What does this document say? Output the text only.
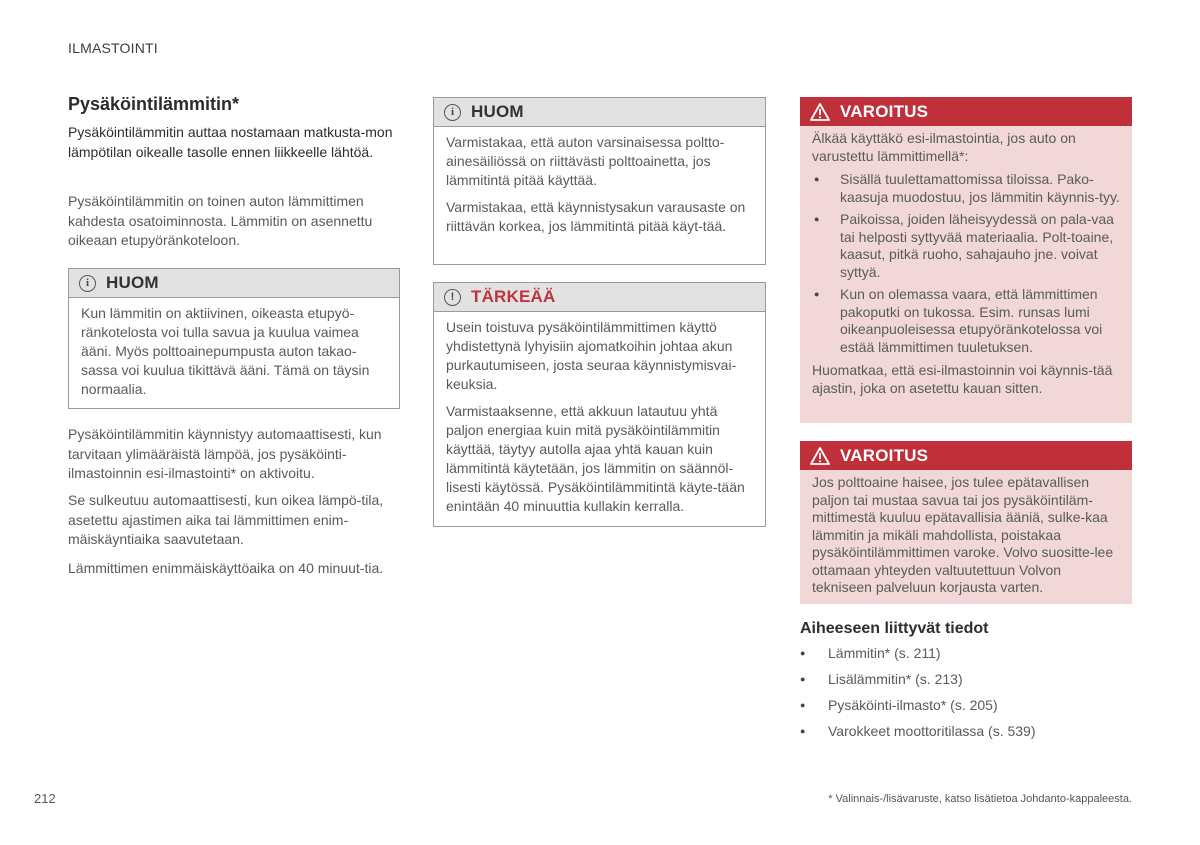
ILMASTOINTI
212	* Valinnais-/lisävaruste, katso lisätietoa Johdanto-kappaleesta.
Pysäköintilämmitin*

Pysäköintilämmitin auttaa nostamaan matkusta-mon lämpötilan oikealle tasolle ennen liikkeelle lähtöä.

Pysäköintilämmitin on toinen auton lämmittimen kahdesta osatoiminnosta. Lämmitin on asennettu oikeaan etupyöränkoteloon.

i HUOM

Kun lämmitin on aktiivinen, oikeasta etupyö-ränkotelosta voi tulla savua ja kuulua vaimea ääni. Myös polttoainepumpusta auton takao-sassa voi kuulua tikittävä ääni. Tämä on täysin normaalia.

Pysäköintilämmitin käynnistyy automaattisesti, kun tarvitaan ylimääräistä lämpöä, jos pysäköinti-ilmastoinnin esi-ilmastointi* on aktivoitu.

Se sulkeutuu automaattisesti, kun oikea lämpö-tila, asetettu ajastimen aika tai lämmittimen enim-mäiskäyntiaika saavutetaan.

Lämmittimen enimmäiskäyttöaika on 40 minuut-tia.

i HUOM

Varmistakaa, että auton varsinaisessa poltto-ainesäiliössä on riittävästi polttoainetta, jos lämmitintä pitää käyttää.

Varmistakaa, että käynnistysakun varausaste on riittävän korkea, jos lämmitintä pitää käyt-tää.

! TÄRKEÄÄ

Usein toistuva pysäköintilämmittimen käyttö yhdistettynä lyhyisiin ajomatkoihin johtaa akun purkautumiseen, josta seuraa käynnistymisvai-keuksia.

Varmistaaksenne, että akkuun latautuu yhtä paljon energiaa kuin mitä pysäköintilämmitin käyttää, täytyy autolla ajaa yhtä kauan kuin lämmitintä käytetään, jos lämmitin on säännöl-lisesti käytössä. Pysäköintilämmitintä käyte-tään enintään 40 minuuttia kullakin kerralla.

VAROITUS

Älkää käyttäkö esi-ilmastointia, jos auto on varustettu lämmittimellä*:

● Sisällä tuulettamattomissa tiloissa. Pako-kaasuja muodostuu, jos lämmitin käynnis-tyy.
● Paikoissa, joiden läheisyydessä on pala-vaa tai helposti syttyvää materiaalia. Polt-toaine, kaasut, pitkä ruoho, sahajauho jne. voivat syttyä.
● Kun on olemassa vaara, että lämmittimen pakoputki on tukossa. Esim. runsas lumi oikeanpuoleisessa etupyöränkotelossa voi estää lämmittimen tuuletuksen.

Huomatkaa, että esi-ilmastoinnin voi käynnis-tää ajastin, joka on asetettu kauan sitten.

VAROITUS

Jos polttoaine haisee, jos tulee epätavallisen paljon tai mustaa savua tai jos pysäköintiläm-mittimestä kuuluu epätavallisia ääniä, sulke-kaa lämmitin ja mikäli mahdollista, poistakaa pysäköintilämmittimen varoke. Volvo suositte-lee ottamaan yhteyden valtuutettuun Volvon tekniseen palveluun korjausta varten.

Aiheeseen liittyvät tiedot
● Lämmitin* (s. 211)
● Lisälämmitin* (s. 213)
● Pysäköinti-ilmasto* (s. 205)
● Varokkeet moottoritilassa (s. 539)
